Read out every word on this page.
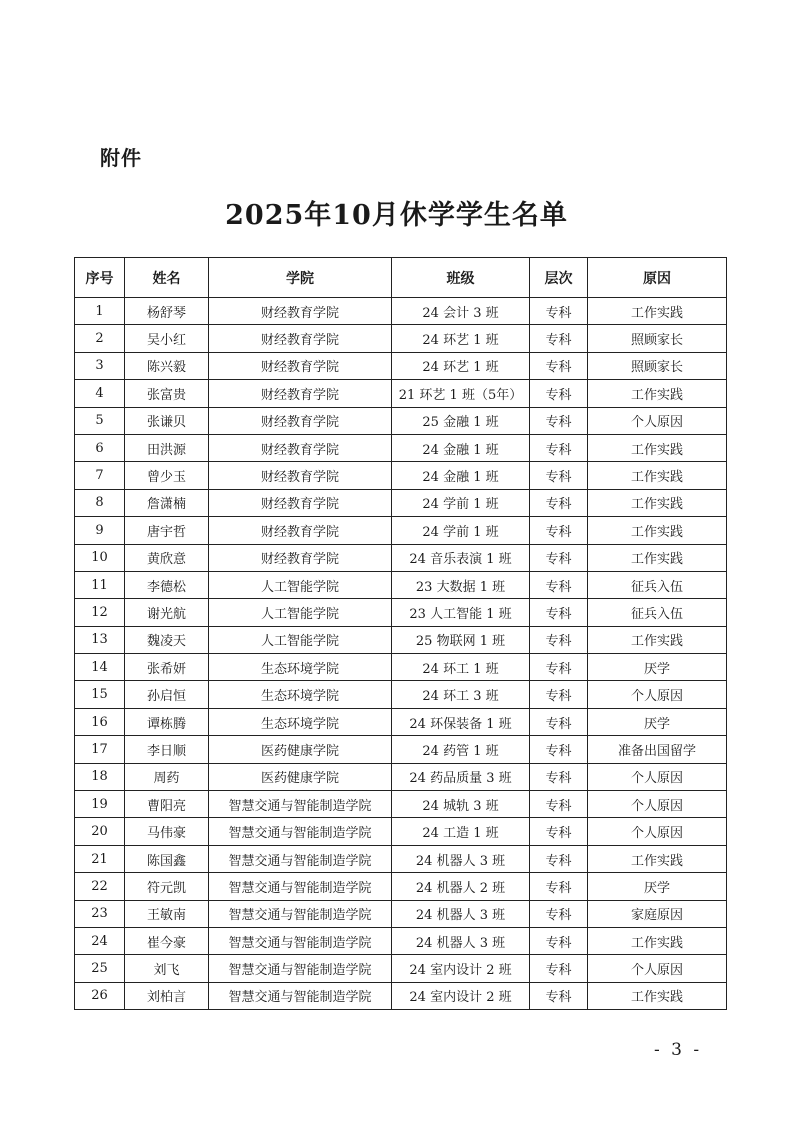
附件
2025年10月休学学生名单
序号	姓名	学院	班级	层次	原因
1	杨舒琴	财经教育学院	24 会计 3 班	专科	工作实践
2	吴小红	财经教育学院	24 环艺 1 班	专科	照顾家长
3	陈兴毅	财经教育学院	24 环艺 1 班	专科	照顾家长
4	张富贵	财经教育学院	21 环艺 1 班（5年）	专科	工作实践
5	张谦贝	财经教育学院	25 金融 1 班	专科	个人原因
6	田洪源	财经教育学院	24 金融 1 班	专科	工作实践
7	曾少玉	财经教育学院	24 金融 1 班	专科	工作实践
8	詹潇楠	财经教育学院	24 学前 1 班	专科	工作实践
9	唐宇哲	财经教育学院	24 学前 1 班	专科	工作实践
10	黄欣意	财经教育学院	24 音乐表演 1 班	专科	工作实践
11	李德松	人工智能学院	23 大数据 1 班	专科	征兵入伍
12	谢光航	人工智能学院	23 人工智能 1 班	专科	征兵入伍
13	魏凌天	人工智能学院	25 物联网 1 班	专科	工作实践
14	张希妍	生态环境学院	24 环工 1 班	专科	厌学
15	孙启恒	生态环境学院	24 环工 3 班	专科	个人原因
16	谭栋腾	生态环境学院	24 环保装备 1 班	专科	厌学
17	李日顺	医药健康学院	24 药管 1 班	专科	准备出国留学
18	周药	医药健康学院	24 药品质量 3 班	专科	个人原因
19	曹阳亮	智慧交通与智能制造学院	24 城轨 3 班	专科	个人原因
20	马伟豪	智慧交通与智能制造学院	24 工造 1 班	专科	个人原因
21	陈国鑫	智慧交通与智能制造学院	24 机器人 3 班	专科	工作实践
22	符元凯	智慧交通与智能制造学院	24 机器人 2 班	专科	厌学
23	王敏南	智慧交通与智能制造学院	24 机器人 3 班	专科	家庭原因
24	崔今豪	智慧交通与智能制造学院	24 机器人 3 班	专科	工作实践
25	刘飞	智慧交通与智能制造学院	24 室内设计 2 班	专科	个人原因
26	刘柏言	智慧交通与智能制造学院	24 室内设计 2 班	专科	工作实践
- 3 -
